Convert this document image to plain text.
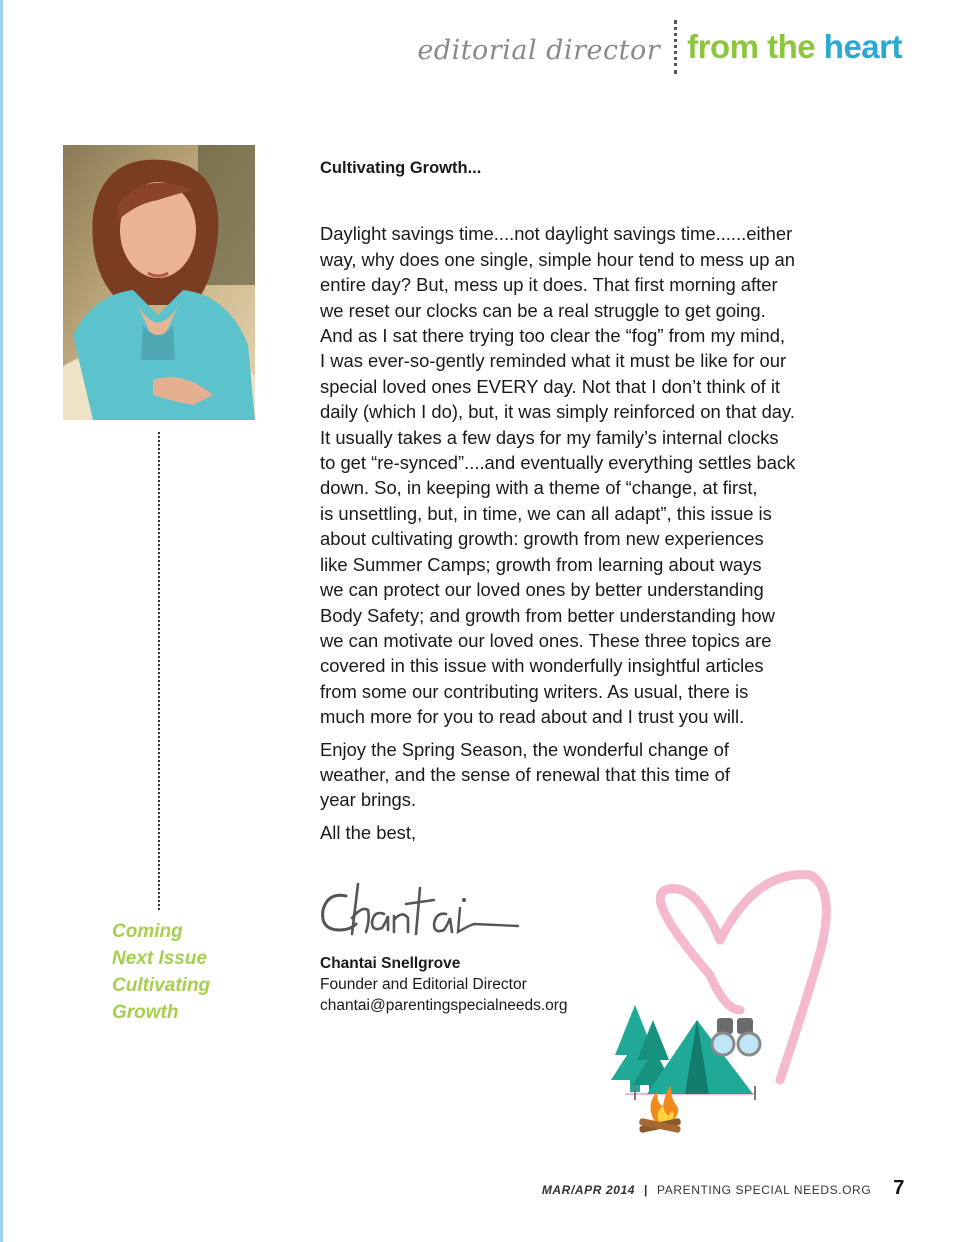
editorial director from the heart
Coming
Next Issue
Cultivating
Growth
Cultivating Growth...

Daylight savings time....not daylight savings time......either
way, why does one single, simple hour tend to mess up an
entire day? But, mess up it does. That first morning after
we reset our clocks can be a real struggle to get going.
And as I sat there trying too clear the “fog” from my mind,
I was ever-so-gently reminded what it must be like for our
special loved ones EVERY day. Not that I don’t think of it
daily (which I do), but, it was simply reinforced on that day.
It usually takes a few days for my family’s internal clocks
to get “re-synced”....and eventually everything settles back
down. So, in keeping with a theme of “change, at first,
is unsettling, but, in time, we can all adapt”, this issue is
about cultivating growth: growth from new experiences
like Summer Camps; growth from learning about ways
we can protect our loved ones by better understanding
Body Safety; and growth from better understanding how
we can motivate our loved ones. These three topics are
covered in this issue with wonderfully insightful articles
from some our contributing writers. As usual, there is
much more for you to read about and I trust you will.

Enjoy the Spring Season, the wonderful change of
weather, and the sense of renewal that this time of
year brings.

All the best,

Chantai Snellgrove
Founder and Editorial Director
chantai@parentingspecialneeds.org
MAR/APR 2014 | PARENTING SPECIAL NEEDS.ORG 7
